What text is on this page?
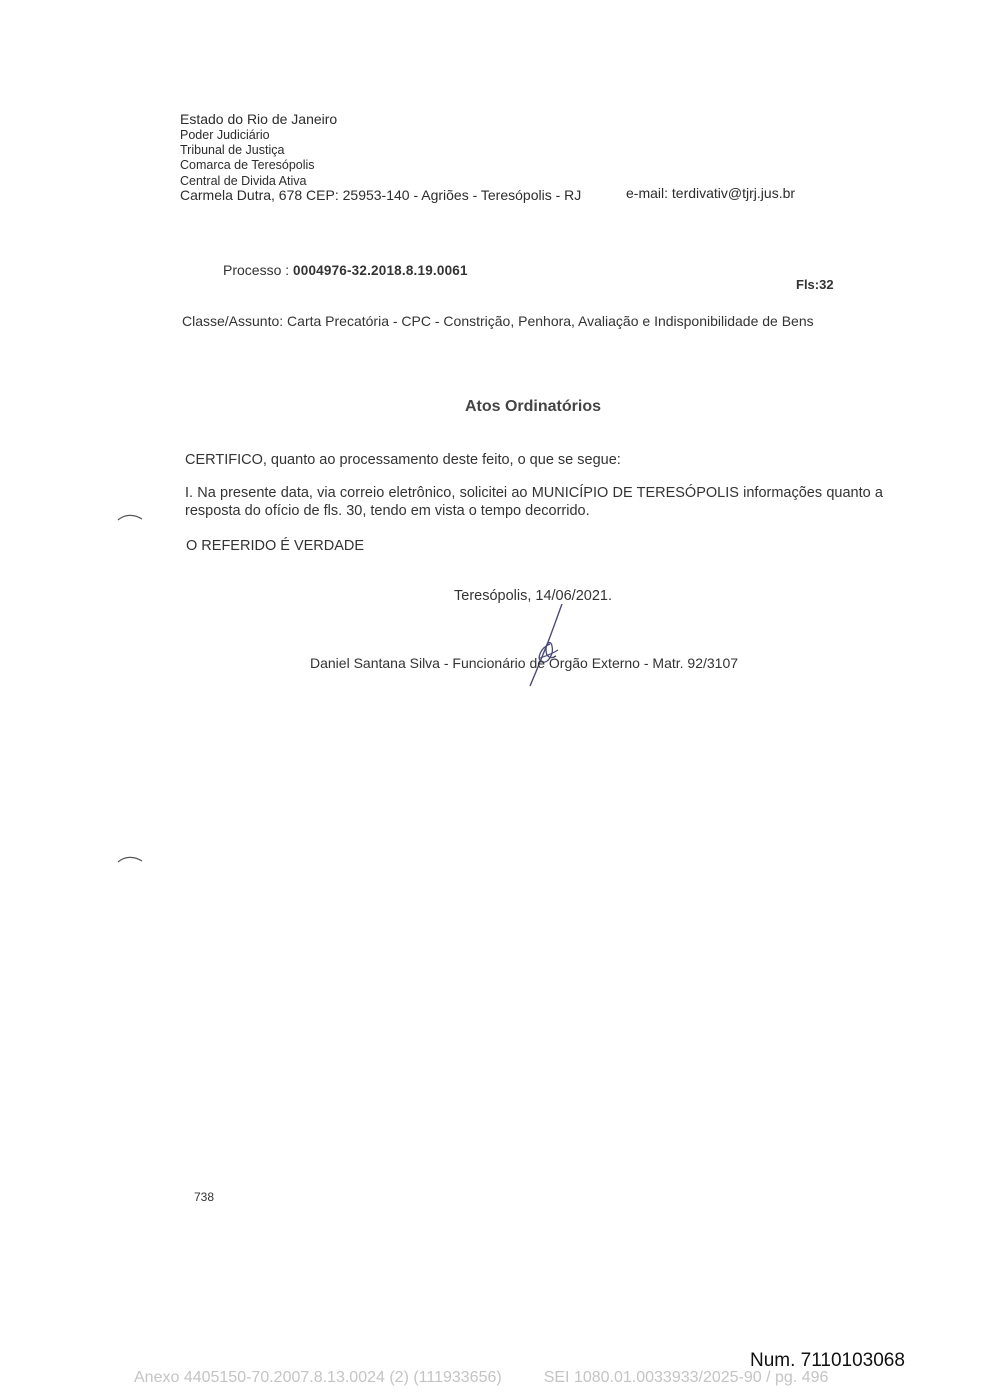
Estado do Rio de Janeiro
Poder Judiciário
Tribunal de Justiça
Comarca de Teresópolis
Central de Divida Ativa
Carmela Dutra, 678 CEP: 25953-140 - Agriões - Teresópolis - RJ	e-mail: terdivativ@tjrj.jus.br
Processo : 0004976-32.2018.8.19.0061
Fls:32
Classe/Assunto: Carta Precatória - CPC - Constrição, Penhora, Avaliação e Indisponibilidade de Bens
Atos Ordinatórios
CERTIFICO, quanto ao processamento deste feito, o que se segue:
I. Na presente data, via correio eletrônico, solicitei ao MUNICÍPIO DE TERESÓPOLIS informações quanto a resposta do ofício de fls. 30, tendo em vista o tempo decorrido.
O REFERIDO É VERDADE
Teresópolis, 14/06/2021.
Daniel Santana Silva - Funcionário de Órgão Externo - Matr. 92/3107
738
Num. 7110103068
Anexo 4405150-70.2007.8.13.0024 (2) (111933656)	SEI 1080.01.0033933/2025-90 / pg. 496
